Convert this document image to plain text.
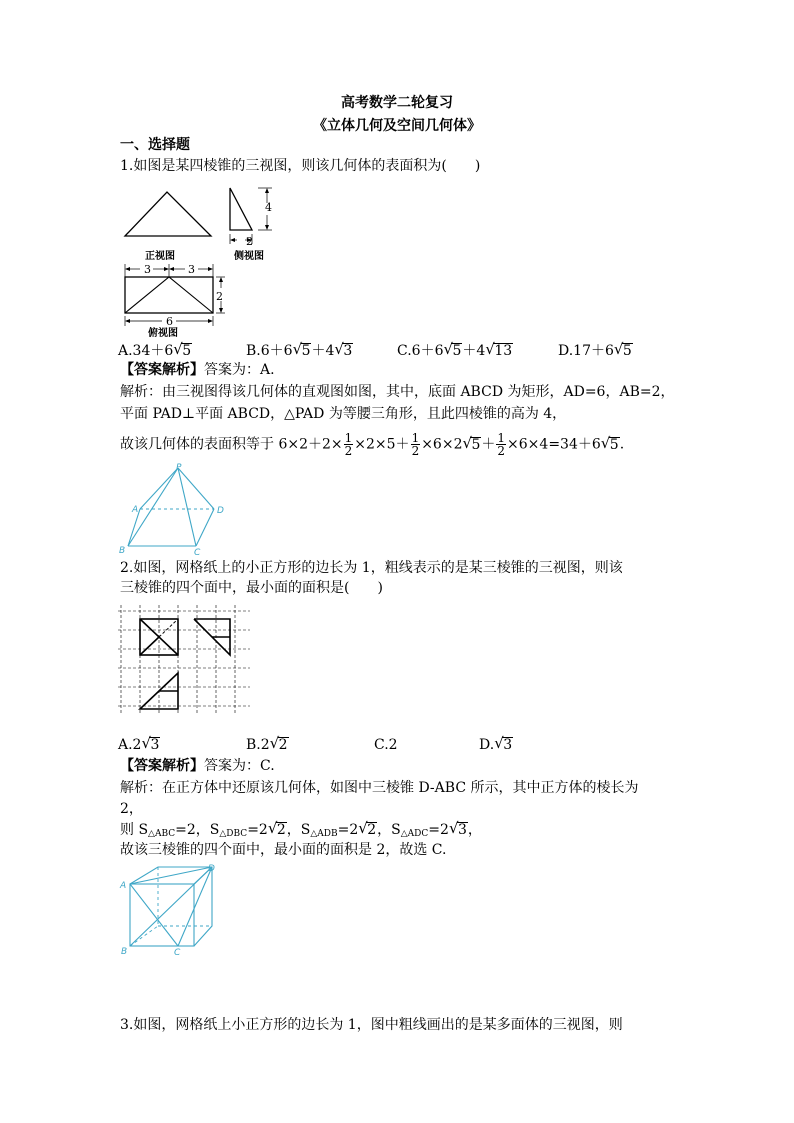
高考数学二轮复习
《立体几何及空间几何体》
一、选择题
1.如图是某四棱锥的三视图，则该几何体的表面积为(　　)
4
2
正视图	侧视图
3	3
2
6
俯视图
A.34＋6 √ 5	B.6＋6 √ 5＋4 √ 3	C.6＋6 √ 5＋4 √ 13	D.17＋6 √ 5
【答案解析】答案为：A.
解析：由三视图得该几何体的直观图如图，其中，底面 ABCD 为矩形，AD=6，AB=2，
平面 PAD⊥平面 ABCD，△PAD 为等腰三角形，且此四棱锥的高为 4，
故该几何体的表面积等于 $6\times 2+2\times \frac{1}{2} \times 2\times 5+ \frac{1}{2} \times 6\times 2$ √ $5+ \frac{1}{2} \times 6\times 4=34+6$ √ 5.
P
A
B	C
D
2.如图，网格纸上的小正方形的边长为 1，粗线表示的是某三棱锥的三视图，则该
三棱锥的四个面中，最小面的面积是(　　)
A.2 √ 3	B.2 √ 2	C.2	D. √ 3
【答案解析】答案为：C.
解析：在正方体中还原该几何体，如图中三棱锥 D-ABC 所示，其中正方体的棱长为
2，
则 $S_{\triangle ABC}=2$，$S_{\triangle DBC}=2$ √ 2，$S_{\triangle ADB}=2$ √ 2，$S_{\triangle ADC}=2$ √ 3，
故该三棱锥的四个面中，最小面的面积是 2，故选 C.
A
B	C
D
3.如图，网格纸上小正方形的边长为 1，图中粗线画出的是某多面体的三视图，则
